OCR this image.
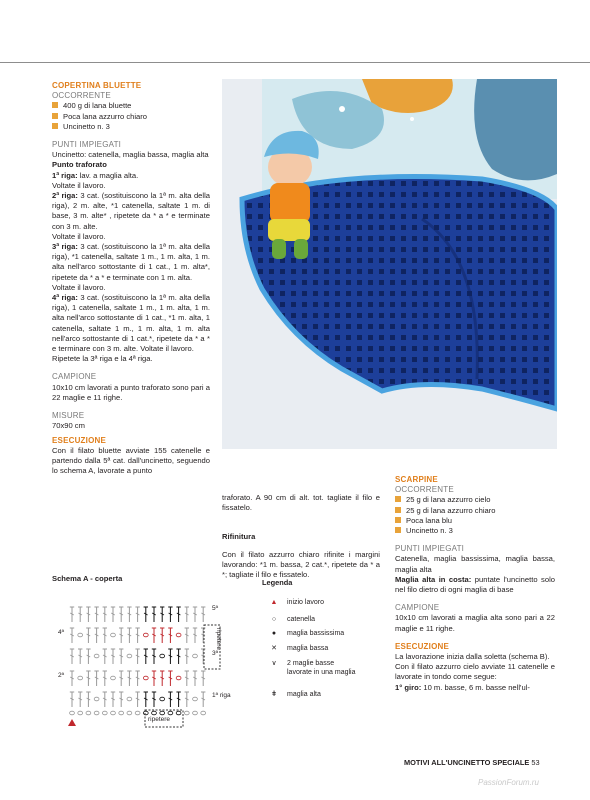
COPERTINA BLUETTE

OCCORRENTE

400 g di lana bluette

Poca lana azzurro chiaro

Uncinetto n. 3

PUNTI IMPIEGATI

Uncinetto: catenella, maglia bassa, maglia alta

Punto traforato

1ª riga: lav. a maglia alta.

Voltate il lavoro.

2ª riga: 3 cat. (sostituiscono la 1ª m. alta della riga), 2 m. alte, *1 catenella, saltate 1 m. di base, 3 m. alte* , ripetete da * a * e terminate con 3 m. alte.

Voltate il lavoro.

3ª riga: 3 cat. (sostituiscono la 1ª m. alta della riga), *1 catenella, saltate 1 m., 1 m. alta, 1 m. alta nell'arco sottostante di 1 cat., 1 m. alta*, ripetete da * a * e terminate con 1 m. alta.

Voltate il lavoro.

4ª riga: 3 cat. (sostituiscono la 1ª m. alta della riga), 1 catenella, saltate 1 m., 1 m. alta, 1 m. alta nell'arco sottostante di 1 cat., *1 m. alta, 1 catenella, saltate 1 m., 1 m. alta, 1 m. alta nell'arco sottostante di 1 cat.*, ripetete da * a * e terminare con 3 m. alte. Voltate il lavoro.

Ripetete la 3ª riga e la 4ª riga.

CAMPIONE

10x10 cm lavorati a punto traforato sono pari a 22 maglie e 11 righe.

MISURE

70x90 cm

ESECUZIONE

Con il filato bluette avviate 155 catenelle e partendo dalla 5ª cat. dall'uncinetto, seguendo lo schema A, lavorate a punto

traforato. A 90 cm di alt. tot. tagliate il filo e fissatelo.

Rifinitura

Con il filato azzurro chiaro rifinite i margini lavorando: *1 m. bassa, 2 cat.*, ripetete da * a *; tagliate il filo e fissatelo.

SCARPINE

OCCORRENTE

25 g di lana azzurro cielo

25 g di lana azzurro chiaro

Poca lana blu

Uncinetto n. 3

PUNTI IMPIEGATI

Catenella, maglia bassissima, maglia bassa, maglia alta

Maglia alta in costa: puntate l'uncinetto solo nel filo dietro di ogni maglia di base

CAMPIONE

10x10 cm lavorati a maglia alta sono pari a 22 maglie e 11 righe.

ESECUZIONE

La lavorazione inizia dalla soletta (schema B).

Con il filato azzurro cielo avviate 11 catenelle e lavorate in tondo come segue:

1° giro: 10 m. basse, 6 m. basse nell'ul-

Schema A - coperta
5ª
4ª
3ª
2ª
1ª riga
ripetere
ripetere
Legenda
▲	inizio lavoro
○	catenella
●	maglia bassissima
✕	maglia bassa
∨	2 maglie basse lavorate in una maglia
ǂ	maglia alta
MOTIVI ALL'UNCINETTO SPECIALE 53
PassionForum.ru
